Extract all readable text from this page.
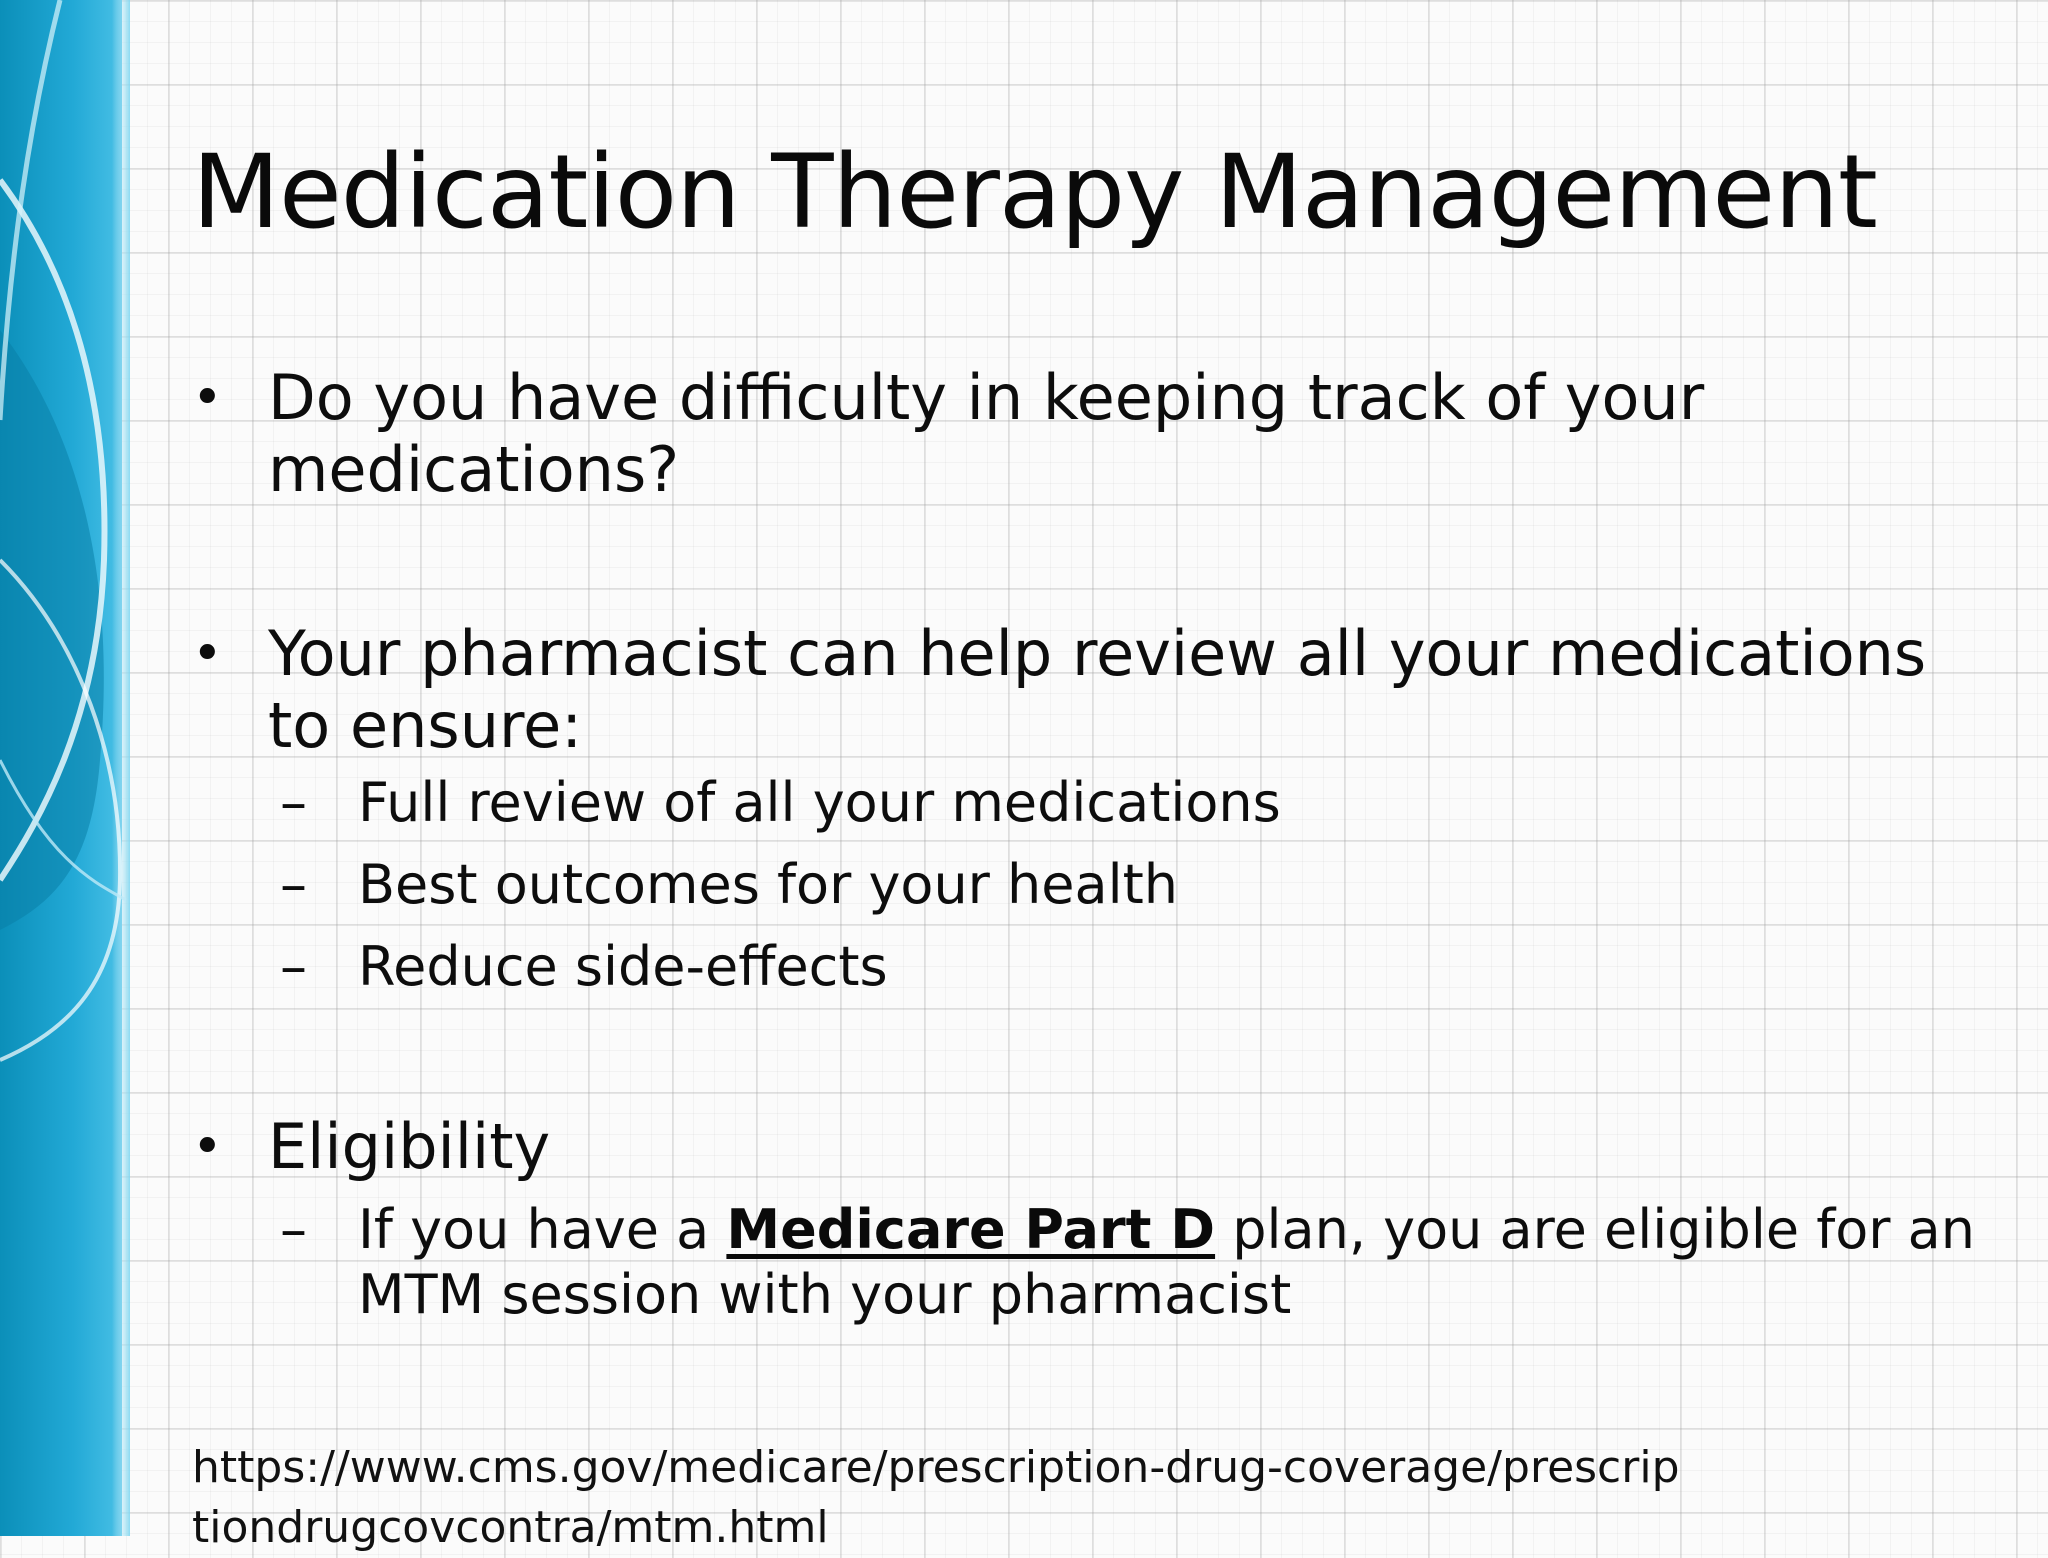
Medication Therapy Management
• Do you have difficulty in keeping track of your medications?
• Your pharmacist can help review all your medications to ensure:
– Full review of all your medications
– Best outcomes for your health
– Reduce side-effects
• Eligibility
– If you have a Medicare Part D plan, you are eligible for an MTM session with your pharmacist
https://www.cms.gov/medicare/prescription-drug-coverage/prescriptiondrugcovcontra/mtm.html
